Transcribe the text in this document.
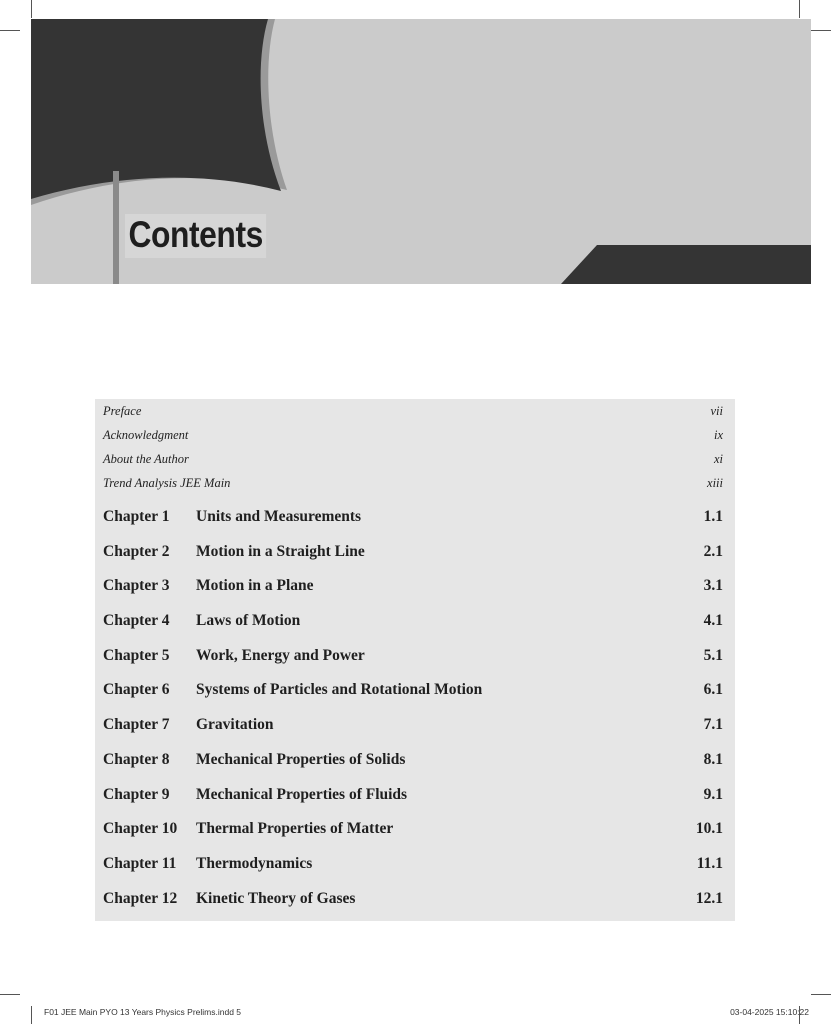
Contents
Preface	vii
Acknowledgment	ix
About the Author	xi
Trend Analysis JEE Main	xiii
Chapter 1	Units and Measurements	1.1
Chapter 2	Motion in a Straight Line	2.1
Chapter 3	Motion in a Plane	3.1
Chapter 4	Laws of Motion	4.1
Chapter 5	Work, Energy and Power	5.1
Chapter 6	Systems of Particles and Rotational Motion	6.1
Chapter 7	Gravitation	7.1
Chapter 8	Mechanical Properties of Solids	8.1
Chapter 9	Mechanical Properties of Fluids	9.1
Chapter 10	Thermal Properties of Matter	10.1
Chapter 11	Thermodynamics	11.1
Chapter 12	Kinetic Theory of Gases	12.1
F01 JEE Main PYO 13 Years Physics Prelims.indd 5	03-04-2025 15:10:22
